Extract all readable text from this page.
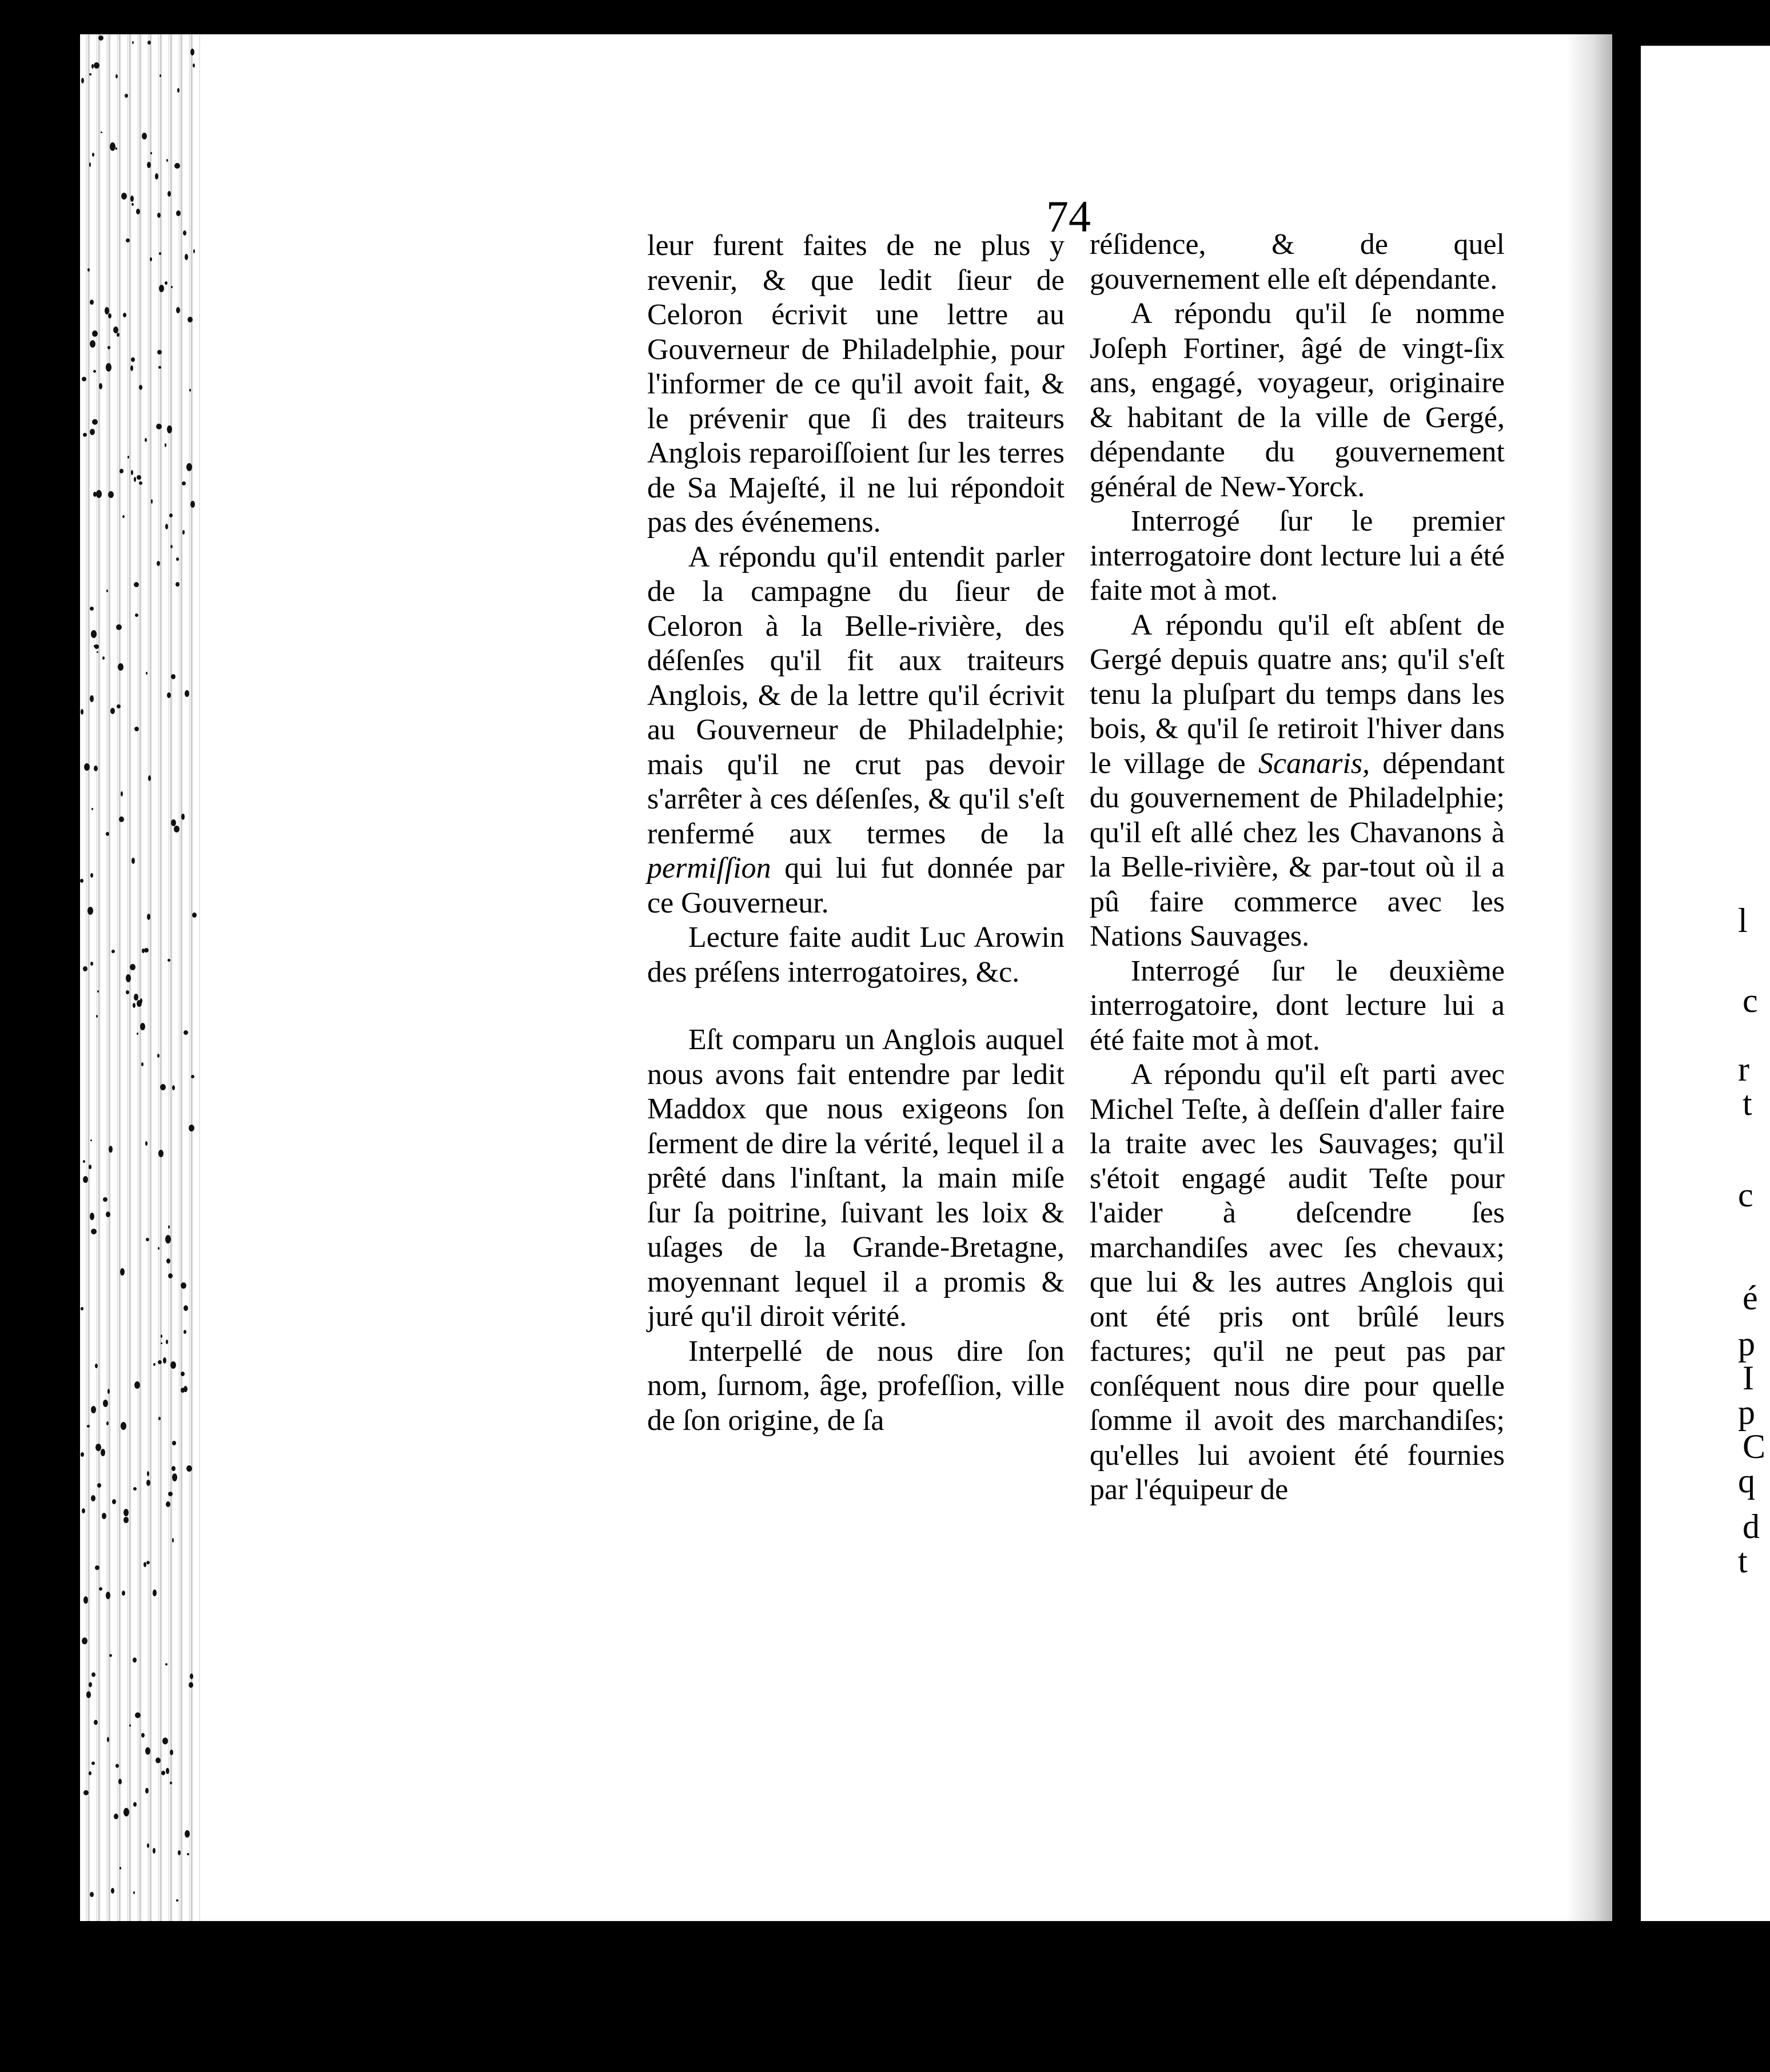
l
c
r
t
c
é
p
I
p
C
q
d
t
74

leur furent faites de ne plus y revenir, & que ledit ſieur de Celoron écrivit une lettre au Gouverneur de Philadelphie, pour l'informer de ce qu'il avoit fait, & le prévenir que ſi des traiteurs Anglois reparoiſſoient ſur les terres de Sa Majeſté, il ne lui répondoit pas des événemens.

A répondu qu'il entendit parler de la campagne du ſieur de Celoron à la Belle-rivière, des déſenſes qu'il fit aux traiteurs Anglois, & de la lettre qu'il écrivit au Gouverneur de Philadelphie; mais qu'il ne crut pas devoir s'arrêter à ces déſenſes, & qu'il s'eſt renfermé aux termes de la permiſſion qui lui fut donnée par ce Gouverneur.

Lecture faite audit Luc Arowin des préſens interrogatoires, &c.

Eſt comparu un Anglois auquel nous avons fait entendre par ledit Maddox que nous exigeons ſon ſerment de dire la vérité, lequel il a prêté dans l'inſtant, la main miſe ſur ſa poitrine, ſuivant les loix & uſages de la Grande-Bretagne, moyennant lequel il a promis & juré qu'il diroit vérité.

Interpellé de nous dire ſon nom, ſurnom, âge, profeſſion, ville de ſon origine, de ſa

réſidence, & de quel gouvernement elle eſt dépendante.

A répondu qu'il ſe nomme Joſeph Fortiner, âgé de vingt-ſix ans, engagé, voyageur, originaire & habitant de la ville de Gergé, dépendante du gouvernement général de New-Yorck.

Interrogé ſur le premier interrogatoire dont lecture lui a été faite mot à mot.

A répondu qu'il eſt abſent de Gergé depuis quatre ans; qu'il s'eſt tenu la pluſpart du temps dans les bois, & qu'il ſe retiroit l'hiver dans le village de Scanaris, dépendant du gouvernement de Philadelphie; qu'il eſt allé chez les Chavanons à la Belle-rivière, & par-tout où il a pû faire commerce avec les Nations Sauvages.

Interrogé ſur le deuxième interrogatoire, dont lecture lui a été faite mot à mot.

A répondu qu'il eſt parti avec Michel Teſte, à deſſein d'aller faire la traite avec les Sauvages; qu'il s'étoit engagé audit Teſte pour l'aider à deſcendre ſes marchandiſes avec ſes chevaux; que lui & les autres Anglois qui ont été pris ont brûlé leurs factures; qu'il ne peut pas par conſéquent nous dire pour quelle ſomme il avoit des marchandiſes; qu'elles lui avoient été fournies par l'équipeur de
